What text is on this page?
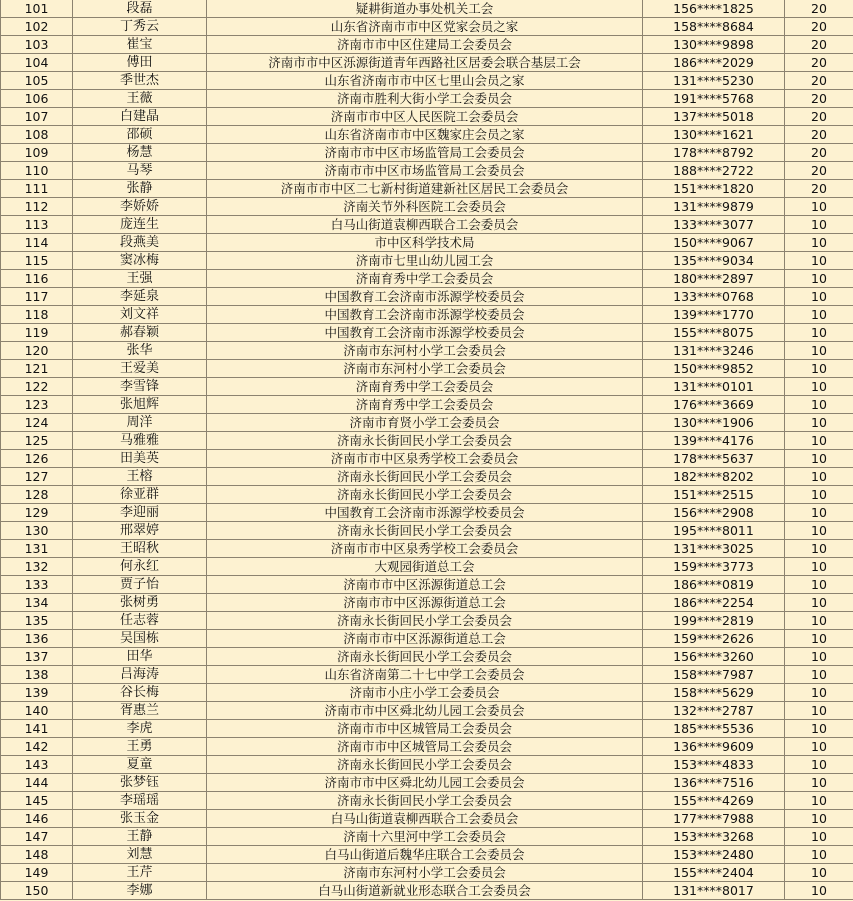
101	段磊	疑耕街道办事处机关工会	156****1825	20
102	丁秀云	山东省济南市市中区党家会员之家	158****8684	20
103	崔宝	济南市市中区住建局工会委员会	130****9898	20
104	傅田	济南市市中区泺源街道青年西路社区居委会联合基层工会	186****2029	20
105	季世杰	山东省济南市市中区七里山会员之家	131****5230	20
106	王薇	济南市胜利大街小学工会委员会	191****5768	20
107	白建晶	济南市市中区人民医院工会委员会	137****5018	20
108	邵硕	山东省济南市市中区魏家庄会员之家	130****1621	20
109	杨慧	济南市市中区市场监管局工会委员会	178****8792	20
110	马琴	济南市市中区市场监管局工会委员会	188****2722	20
111	张静	济南市市中区二七新村街道建新社区居民工会委员会	151****1820	20
112	李娇娇	济南关节外科医院工会委员会	131****9879	10
113	庞连生	白马山街道袁柳西联合工会委员会	133****3077	10
114	段燕美	市中区科学技术局	150****9067	10
115	窦冰梅	济南市七里山幼儿园工会	135****9034	10
116	王强	济南育秀中学工会委员会	180****2897	10
117	李延泉	中国教育工会济南市泺源学校委员会	133****0768	10
118	刘文祥	中国教育工会济南市泺源学校委员会	139****1770	10
119	郝春颖	中国教育工会济南市泺源学校委员会	155****8075	10
120	张华	济南市东河村小学工会委员会	131****3246	10
121	王爱美	济南市东河村小学工会委员会	150****9852	10
122	李雪锋	济南育秀中学工会委员会	131****0101	10
123	张旭辉	济南育秀中学工会委员会	176****3669	10
124	周洋	济南市育贤小学工会委员会	130****1906	10
125	马雅雅	济南永长街回民小学工会委员会	139****4176	10
126	田美英	济南市市中区泉秀学校工会委员会	178****5637	10
127	王榕	济南永长街回民小学工会委员会	182****8202	10
128	徐亚群	济南永长街回民小学工会委员会	151****2515	10
129	李迎丽	中国教育工会济南市泺源学校委员会	156****2908	10
130	邢翠婷	济南永长街回民小学工会委员会	195****8011	10
131	王昭秋	济南市市中区泉秀学校工会委员会	131****3025	10
132	何永红	大观园街道总工会	159****3773	10
133	贾子怡	济南市市中区泺源街道总工会	186****0819	10
134	张树勇	济南市市中区泺源街道总工会	186****2254	10
135	任志蓉	济南永长街回民小学工会委员会	199****2819	10
136	吴国栋	济南市市中区泺源街道总工会	159****2626	10
137	田华	济南永长街回民小学工会委员会	156****3260	10
138	吕海涛	山东省济南第二十七中学工会委员会	158****7987	10
139	谷长梅	济南市小庄小学工会委员会	158****5629	10
140	胥惠兰	济南市市中区舜北幼儿园工会委员会	132****2787	10
141	李虎	济南市市中区城管局工会委员会	185****5536	10
142	王勇	济南市市中区城管局工会委员会	136****9609	10
143	夏童	济南永长街回民小学工会委员会	153****4833	10
144	张梦钰	济南市市中区舜北幼儿园工会委员会	136****7516	10
145	李瑶瑶	济南永长街回民小学工会委员会	155****4269	10
146	张玉金	白马山街道袁柳西联合工会委员会	177****7988	10
147	王静	济南十六里河中学工会委员会	153****3268	10
148	刘慧	白马山街道后魏华庄联合工会委员会	153****2480	10
149	王芹	济南市东河村小学工会委员会	155****2404	10
150	李娜	白马山街道新就业形态联合工会委员会	131****8017	10
